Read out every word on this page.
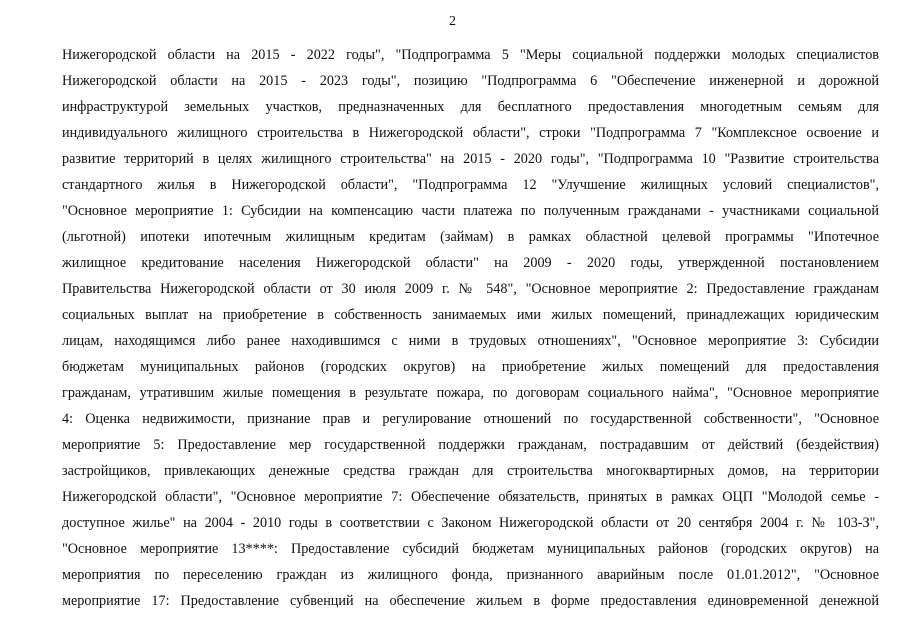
2
Нижегородской области на 2015 - 2022 годы", "Подпрограмма 5 "Меры социальной поддержки молодых специалистов
Нижегородской области на 2015 - 2023 годы", позицию "Подпрограмма 6 "Обеспечение инженерной и дорожной
инфраструктурой земельных участков, предназначенных для бесплатного предоставления многодетным семьям для
индивидуального жилищного строительства в Нижегородской области", строки "Подпрограмма 7 "Комплексное освоение и
развитие территорий в целях жилищного строительства" на 2015 - 2020 годы", "Подпрограмма 10 "Развитие строительства
стандартного жилья в Нижегородской области", "Подпрограмма 12 "Улучшение жилищных условий специалистов",
"Основное мероприятие 1: Субсидии на компенсацию части платежа по полученным гражданами - участниками социальной
(льготной) ипотеки ипотечным жилищным кредитам (займам) в рамках областной целевой программы "Ипотечное
жилищное кредитование населения Нижегородской области" на 2009 - 2020 годы, утвержденной постановлением
Правительства Нижегородской области от 30 июля 2009 г. № 548", "Основное мероприятие 2: Предоставление гражданам
социальных выплат на приобретение в собственность занимаемых ими жилых помещений, принадлежащих юридическим
лицам, находящимся либо ранее находившимся с ними в трудовых отношениях", "Основное мероприятие 3: Субсидии
бюджетам муниципальных районов (городских округов) на приобретение жилых помещений для предоставления
гражданам, утратившим жилые помещения в результате пожара, по договорам социального найма", "Основное мероприятие
4: Оценка недвижимости, признание прав и регулирование отношений по государственной собственности", "Основное
мероприятие 5: Предоставление мер государственной поддержки гражданам, пострадавшим от действий (бездействия)
застройщиков, привлекающих денежные средства граждан для строительства многоквартирных домов, на территории
Нижегородской области", "Основное мероприятие 7: Обеспечение обязательств, принятых в рамках ОЦП "Молодой семье -
доступное жилье" на 2004 - 2010 годы в соответствии с Законом Нижегородской области от 20 сентября 2004 г. № 103-З",
"Основное мероприятие 13****: Предоставление субсидий бюджетам муниципальных районов (городских округов) на
мероприятия по переселению граждан из жилищного фонда, признанного аварийным после 01.01.2012", "Основное
мероприятие 17: Предоставление субвенций на обеспечение жильем в форме предоставления единовременной денежной
